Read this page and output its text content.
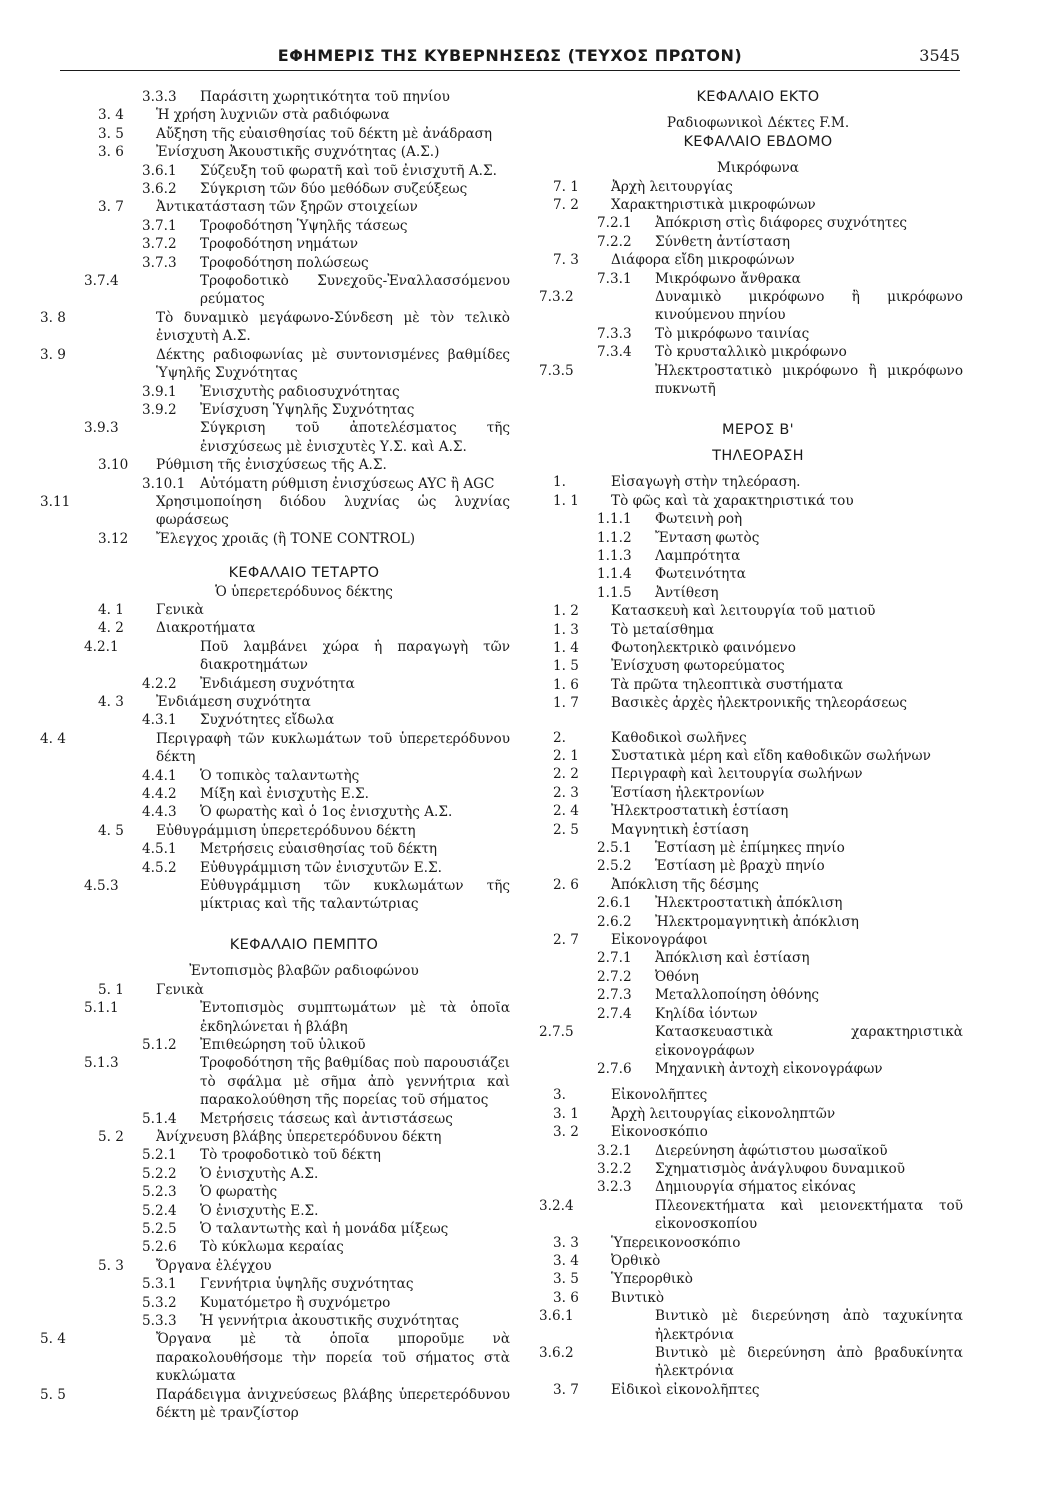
ΕΦΗΜΕΡΙΣ ΤΗΣ ΚΥΒΕΡΝΗΣΕΩΣ (ΤΕΥΧΟΣ ΠΡΩΤΟΝ)	3545
3.3.3 Παράσιτη χωρητικότητα τοῦ πηνίου
3. 4 Ἡ χρήση λυχνιῶν στὰ ραδιόφωνα
3. 5 Αὔξηση τῆς εὐαισθησίας τοῦ δέκτη μὲ ἀνάδραση
3. 6 Ἐνίσχυση Ἀκουστικῆς συχνότητας (Α.Σ.)
3.6.1 Σύζευξη τοῦ φωρατῆ καὶ τοῦ ἐνισχυτῆ Α.Σ.
3.6.2 Σύγκριση τῶν δύο μεθόδων συζεύξεως
3. 7 Ἀντικατάσταση τῶν ξηρῶν στοιχείων
3.7.1 Τροφοδότηση Ὑψηλῆς τάσεως
3.7.2 Τροφοδότηση νημάτων
3.7.3 Τροφοδότηση πολώσεως
3.7.4	Τροφοδοτικὸ Συνεχοῦς-Ἐναλλασσόμενου ρεύματος
3. 8	Τὸ δυναμικὸ μεγάφωνο-Σύνδεση μὲ τὸν τελικὸ ἐνισχυτὴ Α.Σ.
3. 9	Δέκτης ραδιοφωνίας μὲ συντονισμένες βαθμίδες Ὑψηλῆς Συχνότητας
3.9.1 Ἐνισχυτὴς ραδιοσυχνότητας
3.9.2 Ἐνίσχυση Ὑψηλῆς Συχνότητας
3.9.3	Σύγκριση τοῦ ἀποτελέσματος τῆς ἐνισχύσεως μὲ ἐνισχυτὲς Υ.Σ. καὶ Α.Σ.
3.10 Ρύθμιση τῆς ἐνισχύσεως τῆς Α.Σ.
3.10.1 Αὐτόματη ρύθμιση ἐνισχύσεως AYC ἢ AGC
3.11	Χρησιμοποίηση διόδου λυχνίας ὡς λυχνίας φωράσεως
3.12 Ἔλεγχος χροιᾶς (ἢ TONE CONTROL)
ΚΕΦΑΛΑΙΟ ΤΕΤΑΡΤΟ
Ὁ ὑπερετερόδυνος δέκτης
4. 1 Γενικὰ
4. 2 Διακροτήματα
4.2.1	Ποῦ λαμβάνει χώρα ἡ παραγωγὴ τῶν διακροτημάτων
4.2.2 Ἐνδιάμεση συχνότητα
4. 3 Ἐνδιάμεση συχνότητα
4.3.1 Συχνότητες εἴδωλα
4. 4	Περιγραφὴ τῶν κυκλωμάτων τοῦ ὑπερετερόδυνου δέκτη
4.4.1 Ὁ τοπικὸς ταλαντωτὴς
4.4.2 Μίξη καὶ ἐνισχυτὴς Ε.Σ.
4.4.3 Ὁ φωρατὴς καὶ ὁ 1ος ἐνισχυτὴς Α.Σ.
4. 5 Εὐθυγράμμιση ὑπερετερόδυνου δέκτη
4.5.1 Μετρήσεις εὐαισθησίας τοῦ δέκτη
4.5.2 Εὐθυγράμμιση τῶν ἐνισχυτῶν Ε.Σ.
4.5.3	Εὐθυγράμμιση τῶν κυκλωμάτων τῆς μίκτριας καὶ τῆς ταλαντώτριας
ΚΕΦΑΛΑΙΟ ΠΕΜΠΤΟ
Ἐντοπισμὸς βλαβῶν ραδιοφώνου
5. 1 Γενικὰ
5.1.1	Ἐντοπισμὸς συμπτωμάτων μὲ τὰ ὁποῖα ἐκδηλώνεται ἡ βλάβη
5.1.2 Ἐπιθεώρηση τοῦ ὑλικοῦ
5.1.3	Τροφοδότηση τῆς βαθμίδας ποὺ παρουσιάζει τὸ σφάλμα μὲ σῆμα ἀπὸ γεννήτρια καὶ παρακολούθηση τῆς πορείας τοῦ σήματος
5.1.4 Μετρήσεις τάσεως καὶ ἀντιστάσεως
5. 2 Ἀνίχνευση βλάβης ὑπερετερόδυνου δέκτη
5.2.1 Τὸ τροφοδοτικὸ τοῦ δέκτη
5.2.2 Ὁ ἐνισχυτὴς Α.Σ.
5.2.3 Ὁ φωρατὴς
5.2.4 Ὁ ἐνισχυτὴς Ε.Σ.
5.2.5 Ὁ ταλαντωτὴς καὶ ἡ μονάδα μίξεως
5.2.6 Τὸ κύκλωμα κεραίας
5. 3 Ὄργανα ἐλέγχου
5.3.1 Γεννήτρια ὑψηλῆς συχνότητας
5.3.2 Κυματόμετρο ἢ συχνόμετρο
5.3.3 Ἡ γεννήτρια ἀκουστικῆς συχνότητας
5. 4	Ὄργανα μὲ τὰ ὁποῖα μποροῦμε νὰ παρακολουθήσομε τὴν πορεία τοῦ σήματος στὰ κυκλώματα
5. 5	Παράδειγμα ἀνιχνεύσεως βλάβης ὑπερετερόδυνου δέκτη μὲ τρανζίστορ
ΚΕΦΑΛΑΙΟ ΕΚΤΟ
Ραδιοφωνικοὶ Δέκτες F.M.
ΚΕΦΑΛΑΙΟ ΕΒΔΟΜΟ
Μικρόφωνα
7. 1 Ἀρχὴ λειτουργίας
7. 2 Χαρακτηριστικὰ μικροφώνων
7.2.1 Ἀπόκριση στὶς διάφορες συχνότητες
7.2.2 Σύνθετη ἀντίσταση
7. 3 Διάφορα εἴδη μικροφώνων
7.3.1 Μικρόφωνο ἄνθρακα
7.3.2	Δυναμικὸ μικρόφωνο ἢ μικρόφωνο κινούμενου πηνίου
7.3.3 Τὸ μικρόφωνο ταινίας
7.3.4 Τὸ κρυσταλλικὸ μικρόφωνο
7.3.5	Ἠλεκτροστατικὸ μικρόφωνο ἢ μικρόφωνο πυκνωτῆ
ΜΕΡΟΣ Β'
ΤΗΛΕΟΡΑΣΗ
1.	Εἰσαγωγὴ στὴν τηλεόραση.
1. 1 Τὸ φῶς καὶ τὰ χαρακτηριστικά του
1.1.1 Φωτεινὴ ροὴ
1.1.2 Ἔνταση φωτὸς
1.1.3 Λαμπρότητα
1.1.4 Φωτεινότητα
1.1.5 Ἀντίθεση
1. 2 Κατασκευὴ καὶ λειτουργία τοῦ ματιοῦ
1. 3 Τὸ μεταίσθημα
1. 4 Φωτοηλεκτρικὸ φαινόμενο
1. 5 Ἐνίσχυση φωτορεύματος
1. 6 Τὰ πρῶτα τηλεοπτικὰ συστήματα
1. 7 Βασικὲς ἀρχὲς ἠλεκτρονικῆς τηλεοράσεως
2.	Καθοδικοὶ σωλῆνες
2. 1 Συστατικὰ μέρη καὶ εἴδη καθοδικῶν σωλήνων
2. 2 Περιγραφὴ καὶ λειτουργία σωλήνων
2. 3 Ἑστίαση ἠλεκτρονίων
2. 4 Ἠλεκτροστατικὴ ἑστίαση
2. 5 Μαγνητικὴ ἑστίαση
2.5.1 Ἑστίαση μὲ ἐπίμηκες πηνίο
2.5.2 Ἑστίαση μὲ βραχὺ πηνίο
2. 6 Ἀπόκλιση τῆς δέσμης
2.6.1 Ἠλεκτροστατικὴ ἀπόκλιση
2.6.2 Ἠλεκτρομαγνητικὴ ἀπόκλιση
2. 7 Εἰκονογράφοι
2.7.1 Ἀπόκλιση καὶ ἑστίαση
2.7.2 Ὀθόνη
2.7.3 Μεταλλοποίηση ὀθόνης
2.7.4 Κηλίδα ἰόντων
2.7.5	Κατασκευαστικὰ χαρακτηριστικὰ εἰκονογράφων
2.7.6 Μηχανικὴ ἀντοχὴ εἰκονογράφων
3.	Εἰκονολῆπτες
3. 1 Ἀρχὴ λειτουργίας εἰκονοληπτῶν
3. 2 Εἰκονοσκόπιο
3.2.1 Διερεύνηση ἀφώτιστου μωσαϊκοῦ
3.2.2 Σχηματισμὸς ἀνάγλυφου δυναμικοῦ
3.2.3 Δημιουργία σήματος εἰκόνας
3.2.4	Πλεονεκτήματα καὶ μειονεκτήματα τοῦ εἰκονοσκοπίου
3. 3 Ὑπερεικονοσκόπιο
3. 4 Ὀρθικὸ
3. 5 Ὑπερορθικὸ
3. 6 Βιντικὸ
3.6.1	Βιντικὸ μὲ διερεύνηση ἀπὸ ταχυκίνητα ἠλεκτρόνια
3.6.2	Βιντικὸ μὲ διερεύνηση ἀπὸ βραδυκίνητα ἠλεκτρόνια
3. 7 Εἰδικοὶ εἰκονολῆπτες
